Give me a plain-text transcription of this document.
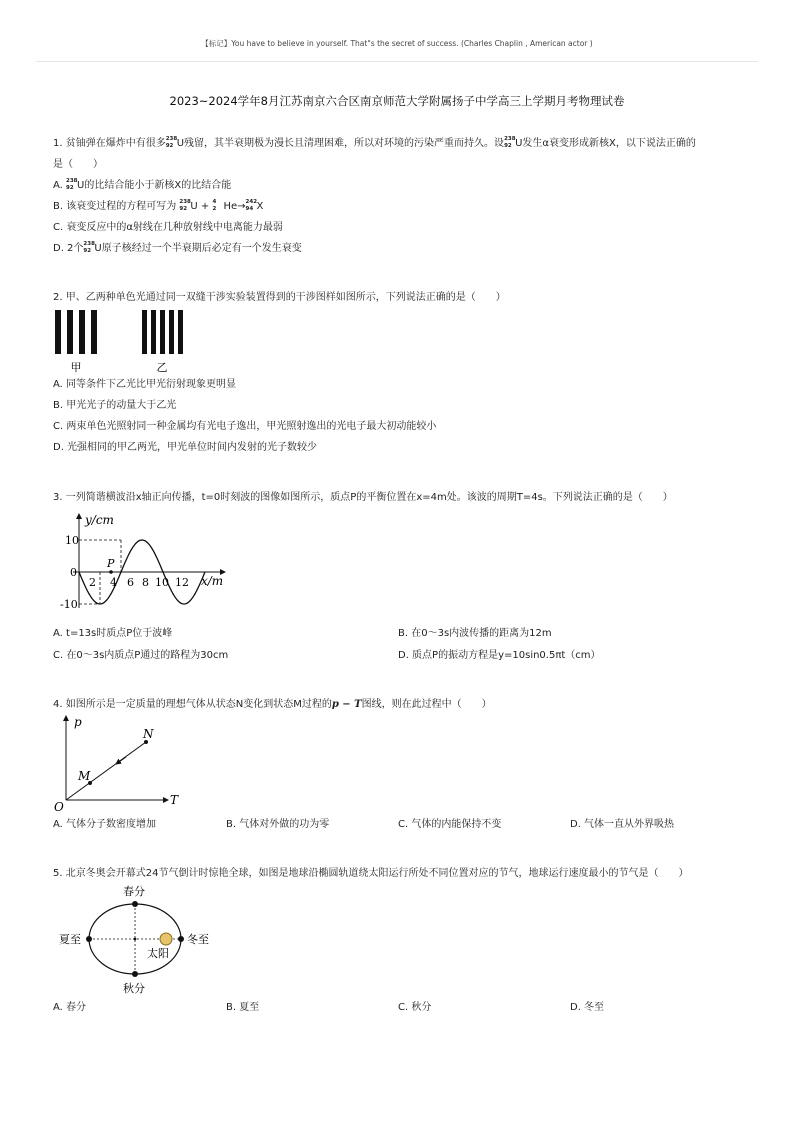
【标记】You have to believe in yourself. That"s the secret of success. (Charles Chaplin , American actor )
2023~2024学年8月江苏南京六合区南京师范大学附属扬子中学高三上学期月考物理试卷
1. 贫铀弹在爆炸中有很多 238
92 U残留，其半衰期极为漫长且清理困难，所以对环境的污染严重而持久。设 238
92 U发生α衰变形成新核X，以下说法正确的
是（　　）
A. 238
92 U的比结合能小于新核X的比结合能
B. 该衰变过程的方程可写为 238
92 U + 4
2 He→ 242
94 X
C. 衰变反应中的α射线在几种放射线中电离能力最弱
D. 2个 238
92 U原子核经过一个半衰期后必定有一个发生衰变
2. 甲、乙两种单色光通过同一双缝干涉实验装置得到的干涉图样如图所示，下列说法正确的是（　　）
甲	乙
A. 同等条件下乙光比甲光衍射现象更明显
B. 甲光光子的动量大于乙光
C. 两束单色光照射同一种金属均有光电子逸出，甲光照射逸出的光电子最大初动能较小
D. 光强相同的甲乙两光，甲光单位时间内发射的光子数较少
3. 一列简谐横波沿x轴正向传播，t=0时刻波的图像如图所示，质点P的平衡位置在x=4m处。该波的周期T=4s。下列说法正确的是（　　）
y/cm
x/m
10
0
-10
P
2 4 6 8 10 12
A. t=13s时质点P位于波峰	B. 在0～3s内波传播的距离为12m
C. 在0～3s内质点P通过的路程为30cm	D. 质点P的振动方程是y=10sin0.5πt（cm）
4. 如图所示是一定质量的理想气体从状态N变化到状态M过程的p − T图线，则在此过程中（　　）
p
T
O
M
N
A. 气体分子数密度增加	B. 气体对外做的功为零	C. 气体的内能保持不变	D. 气体一直从外界吸热
5. 北京冬奥会开幕式24节气倒计时惊艳全球，如图是地球沿椭圆轨道绕太阳运行所处不同位置对应的节气，地球运行速度最小的节气是（　　）
春分
秋分
夏至	冬至
太阳
A. 春分	B. 夏至	C. 秋分	D. 冬至
